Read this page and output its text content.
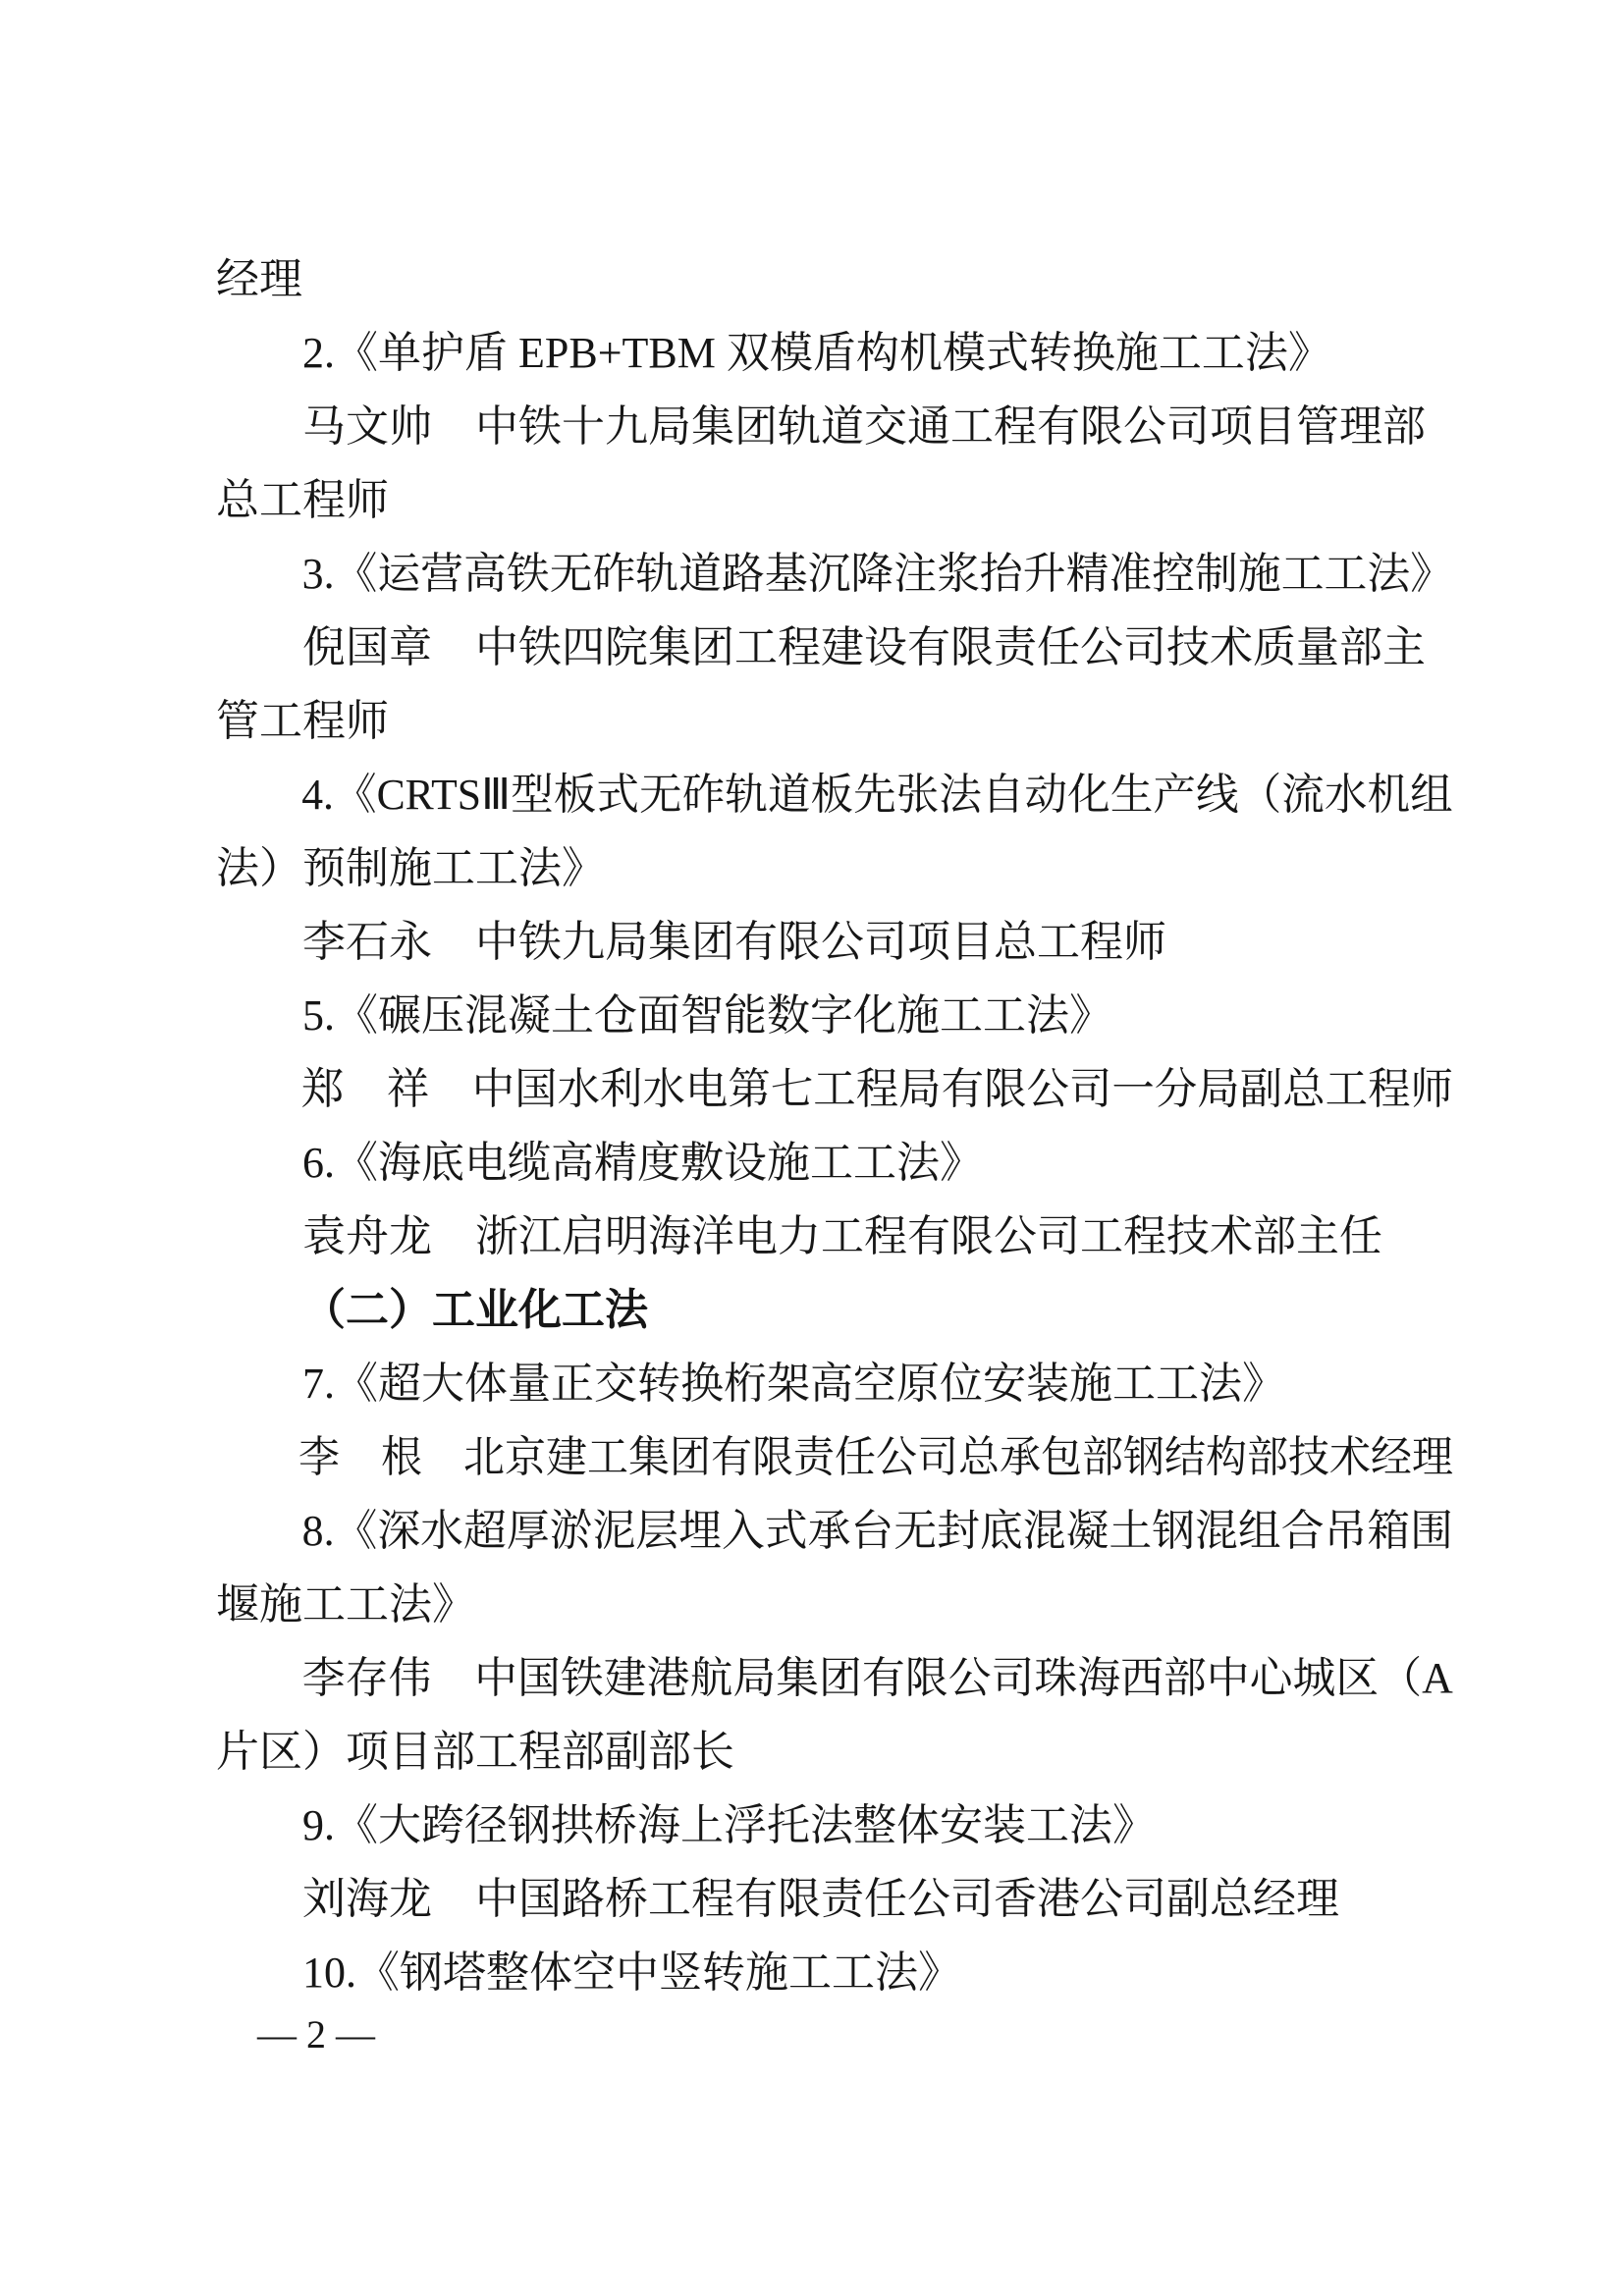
经理

2.《单护盾 EPB+TBM 双模盾构机模式转换施工工法》

马文帅　中铁十九局集团轨道交通工程有限公司项目管理部

总工程师

3.《运营高铁无砟轨道路基沉降注浆抬升精准控制施工工法》

倪国章　中铁四院集团工程建设有限责任公司技术质量部主

管工程师

4.《CRTSⅢ型板式无砟轨道板先张法自动化生产线（流水机组

法）预制施工工法》

李石永　中铁九局集团有限公司项目总工程师

5.《碾压混凝土仓面智能数字化施工工法》

郑　祥　中国水利水电第七工程局有限公司一分局副总工程师

6.《海底电缆高精度敷设施工工法》

袁舟龙　浙江启明海洋电力工程有限公司工程技术部主任

（二）工业化工法

7.《超大体量正交转换桁架高空原位安装施工工法》

李　根　北京建工集团有限责任公司总承包部钢结构部技术经理

8.《深水超厚淤泥层埋入式承台无封底混凝土钢混组合吊箱围

堰施工工法》

李存伟　中国铁建港航局集团有限公司珠海西部中心城区（A

片区）项目部工程部副部长

9.《大跨径钢拱桥海上浮托法整体安装工法》

刘海龙　中国路桥工程有限责任公司香港公司副总经理

10.《钢塔整体空中竖转施工工法》

— 2 —
